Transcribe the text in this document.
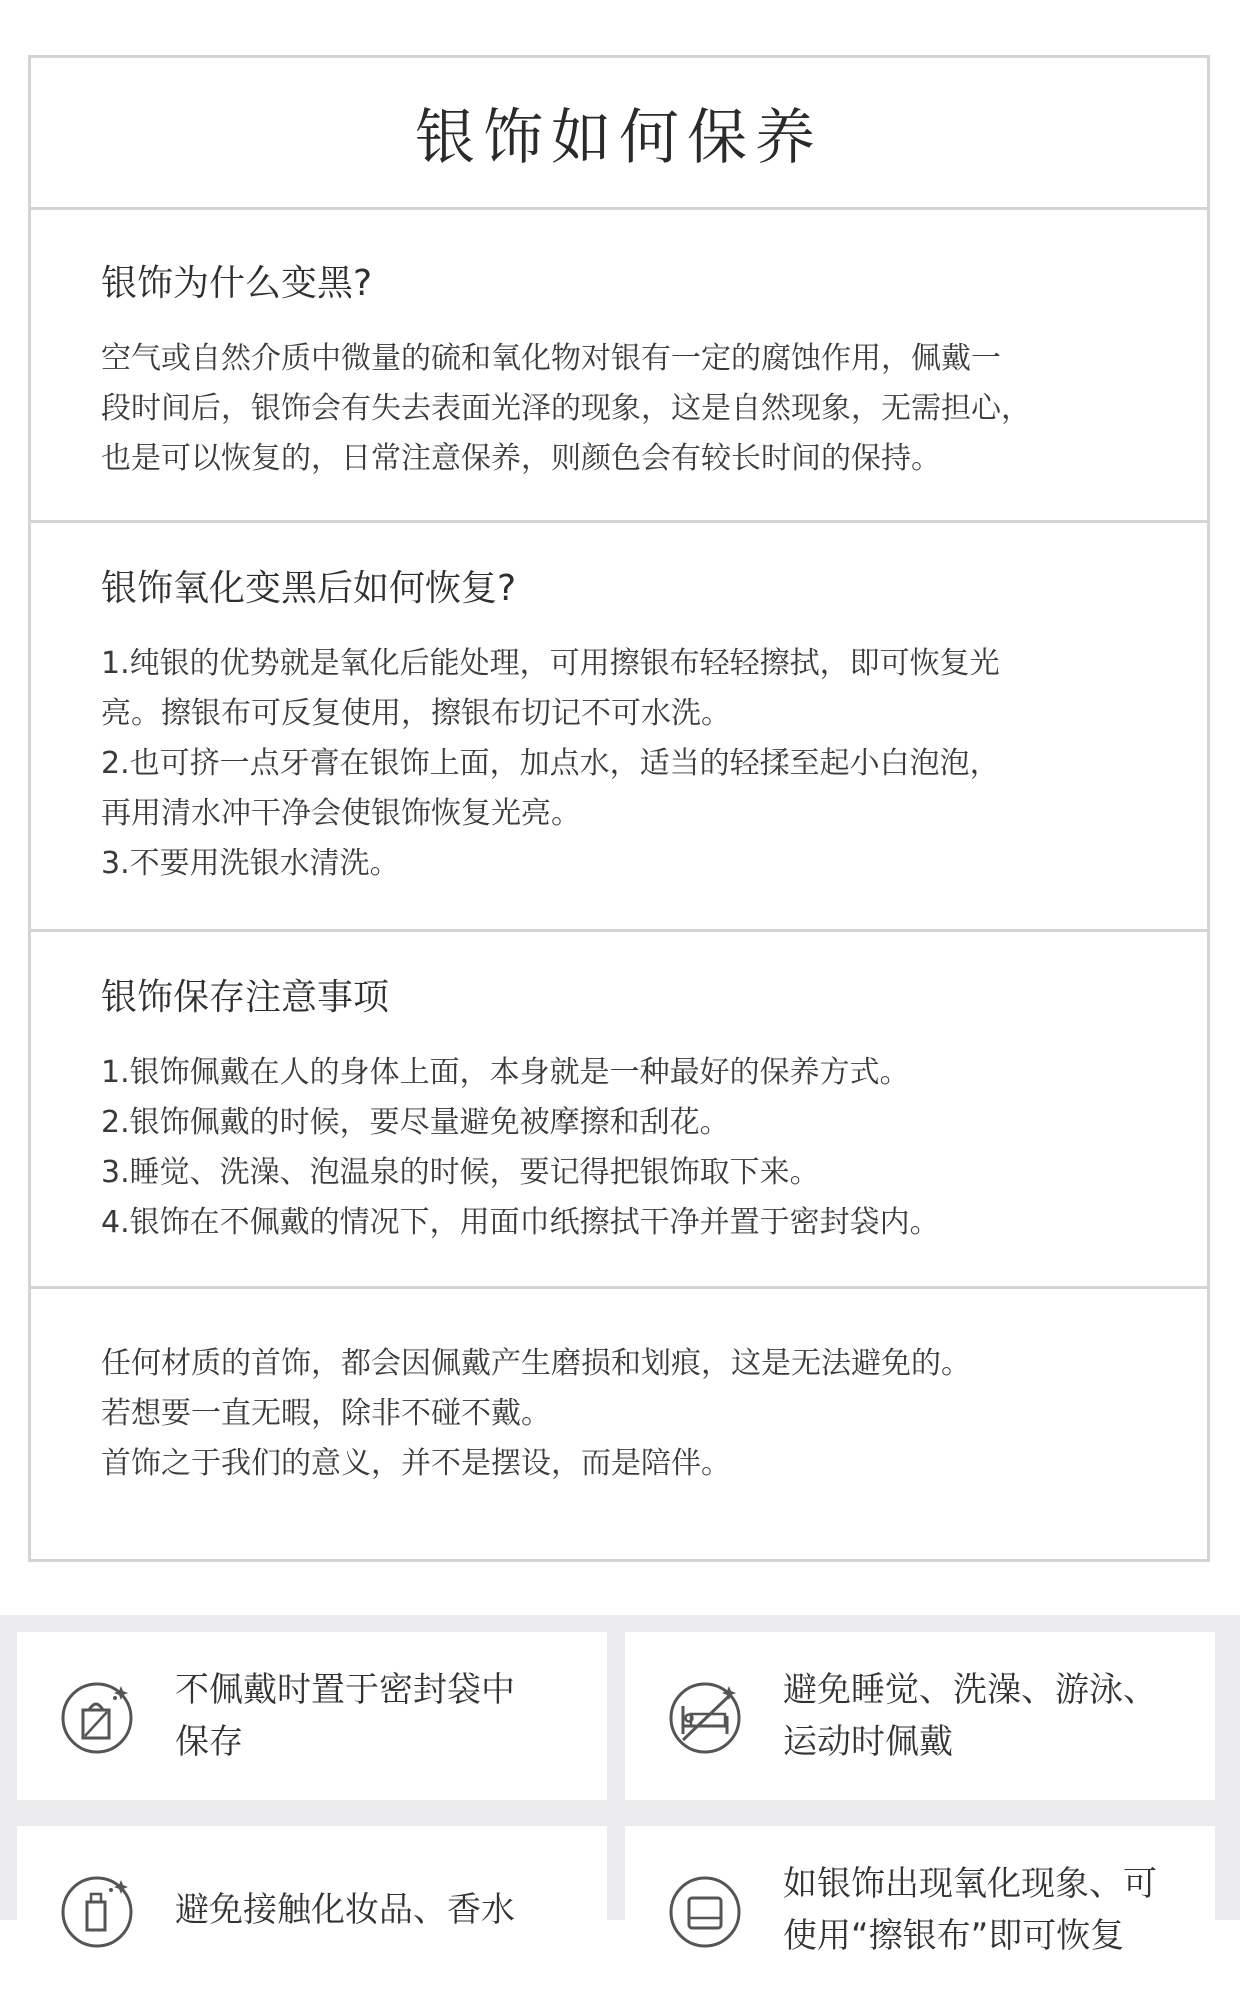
银饰如何保养
银饰为什么变黑?
空气或自然介质中微量的硫和氧化物对银有一定的腐蚀作用，佩戴一
段时间后，银饰会有失去表面光泽的现象，这是自然现象，无需担心，
也是可以恢复的，日常注意保养，则颜色会有较长时间的保持。
银饰氧化变黑后如何恢复?
1.纯银的优势就是氧化后能处理，可用擦银布轻轻擦拭，即可恢复光
亮。擦银布可反复使用，擦银布切记不可水洗。
2.也可挤一点牙膏在银饰上面，加点水，适当的轻揉至起小白泡泡，
再用清水冲干净会使银饰恢复光亮。
3.不要用洗银水清洗。
银饰保存注意事项
1.银饰佩戴在人的身体上面，本身就是一种最好的保养方式。
2.银饰佩戴的时候，要尽量避免被摩擦和刮花。
3.睡觉、洗澡、泡温泉的时候，要记得把银饰取下来。
4.银饰在不佩戴的情况下，用面巾纸擦拭干净并置于密封袋内。
任何材质的首饰，都会因佩戴产生磨损和划痕，这是无法避免的。
若想要一直无暇，除非不碰不戴。
首饰之于我们的意义，并不是摆设，而是陪伴。
不佩戴时置于密封袋中
保存
避免睡觉、洗澡、游泳、
运动时佩戴
避免接触化妆品、香水
如银饰出现氧化现象、可
使用“擦银布”即可恢复
